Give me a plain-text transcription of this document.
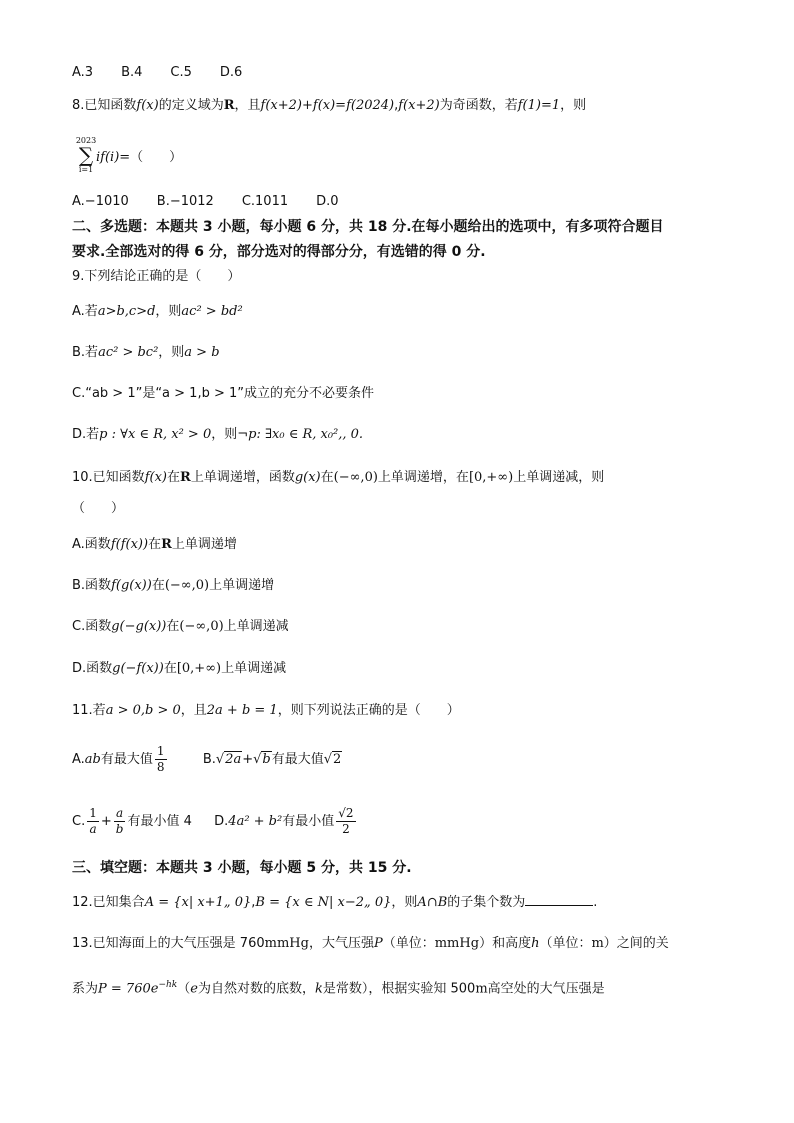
A.3 B.4 C.5 D.6
8.已知函数f(x)的定义域为R，且f(x+2)+f(x)=f(2024),f(x+2)为奇函数，若f(1)=1，则
2023
∑
i=1
if(i)=（　　）
A.−1010 B.−1012 C.1011 D.0
二、多选题：本题共 3 小题，每小题 6 分，共 18 分.在每小题给出的选项中，有多项符合题目
要求.全部选对的得 6 分，部分选对的得部分分，有选错的得 0 分.
9.下列结论正确的是（　　）
A.若a>b,c>d，则ac² > bd²
B.若ac² > bc²，则a > b
C.“ab > 1”是“a > 1,b > 1”成立的充分不必要条件
D.若p : ∀x ∈ R, x² > 0，则¬p: ∃x₀ ∈ R, x₀²,, 0.
10.已知函数f(x)在R上单调递增，函数g(x)在(−∞,0)上单调递增，在[0,+∞)上单调递减，则
（　　）
A.函数f(f(x))在R上单调递增
B.函数f(g(x))在(−∞,0)上单调递增
C.函数g(−g(x))在(−∞,0)上单调递减
D.函数g(−f(x))在[0,+∞)上单调递减
11.若a > 0,b > 0，且2a + b = 1，则下列说法正确的是（　　）
A.ab有最大值 $\frac{1}{8}$	B.√2a+√b有最大值√2
C. $\frac{1}{a} + \frac{a}{b}$ 有最小值 4 D.4a² + b²有最小值 $\frac{√2}{2}$
三、填空题：本题共 3 小题，每小题 5 分，共 15 分.
12.已知集合A = {x| x+1„ 0},B = {x ∈ N| x−2„ 0}，则A∩B的子集个数为	.
13.已知海面上的大气压强是 760mmHg，大气压强P（单位：mmHg）和高度h（单位：m）之间的关
系为$P = 760e^{-hk}(e$为自然对数的底数，k是常数），根据实验知 500m高空处的大气压强是
